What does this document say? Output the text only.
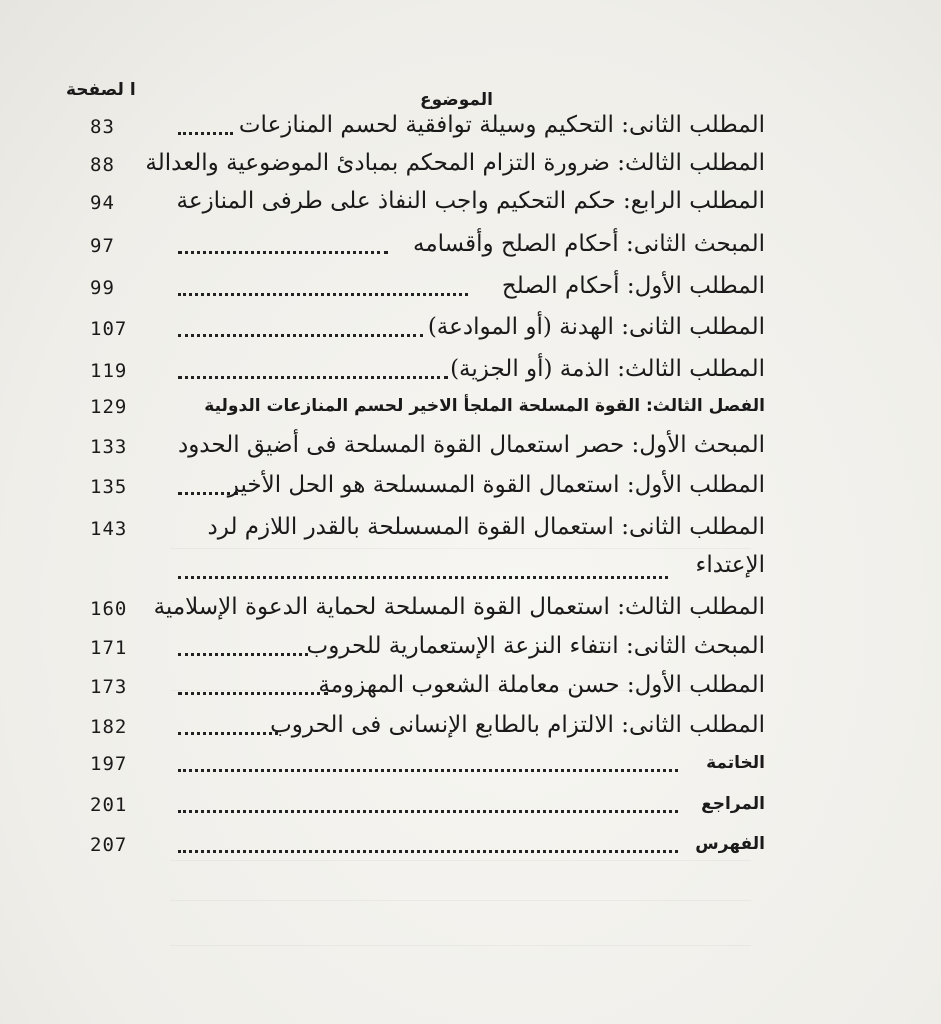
ا لصفحة	الموضوع
83	المطلب الثانى: التحكيم وسيلة توافقية لحسم المنازعات
88	المطلب الثالث: ضرورة التزام المحكم بمبادئ الموضوعية والعدالة
94	المطلب الرابع: حكم التحكيم واجب النفاذ على طرفى المنازعة
97	المبحث الثانى: أحكام الصلح وأقسامه
99	المطلب الأول: أحكام الصلح
107	المطلب الثانى: الهدنة (أو الموادعة)
119	المطلب الثالث: الذمة (أو الجزية)
129	الفصل الثالث: القوة المسلحة الملجأ الاخير لحسم المنازعات الدولية
133	المبحث الأول: حصر استعمال القوة المسلحة فى أضيق الحدود
135	المطلب الأول: استعمال القوة المسسلحة هو الحل الأخير
143	المطلب الثانى: استعمال القوة المسسلحة بالقدر اللازم لرد
الإعتداء
160	المطلب الثالث: استعمال القوة المسلحة لحماية الدعوة الإسلامية
171	المبحث الثانى: انتفاء النزعة الإستعمارية للحروب
173	المطلب الأول: حسن معاملة الشعوب المهزومة
182	المطلب الثانى: الالتزام بالطابع الإنسانى فى الحروب
197	الخاتمة
201	المراجع
207	الفهرس
